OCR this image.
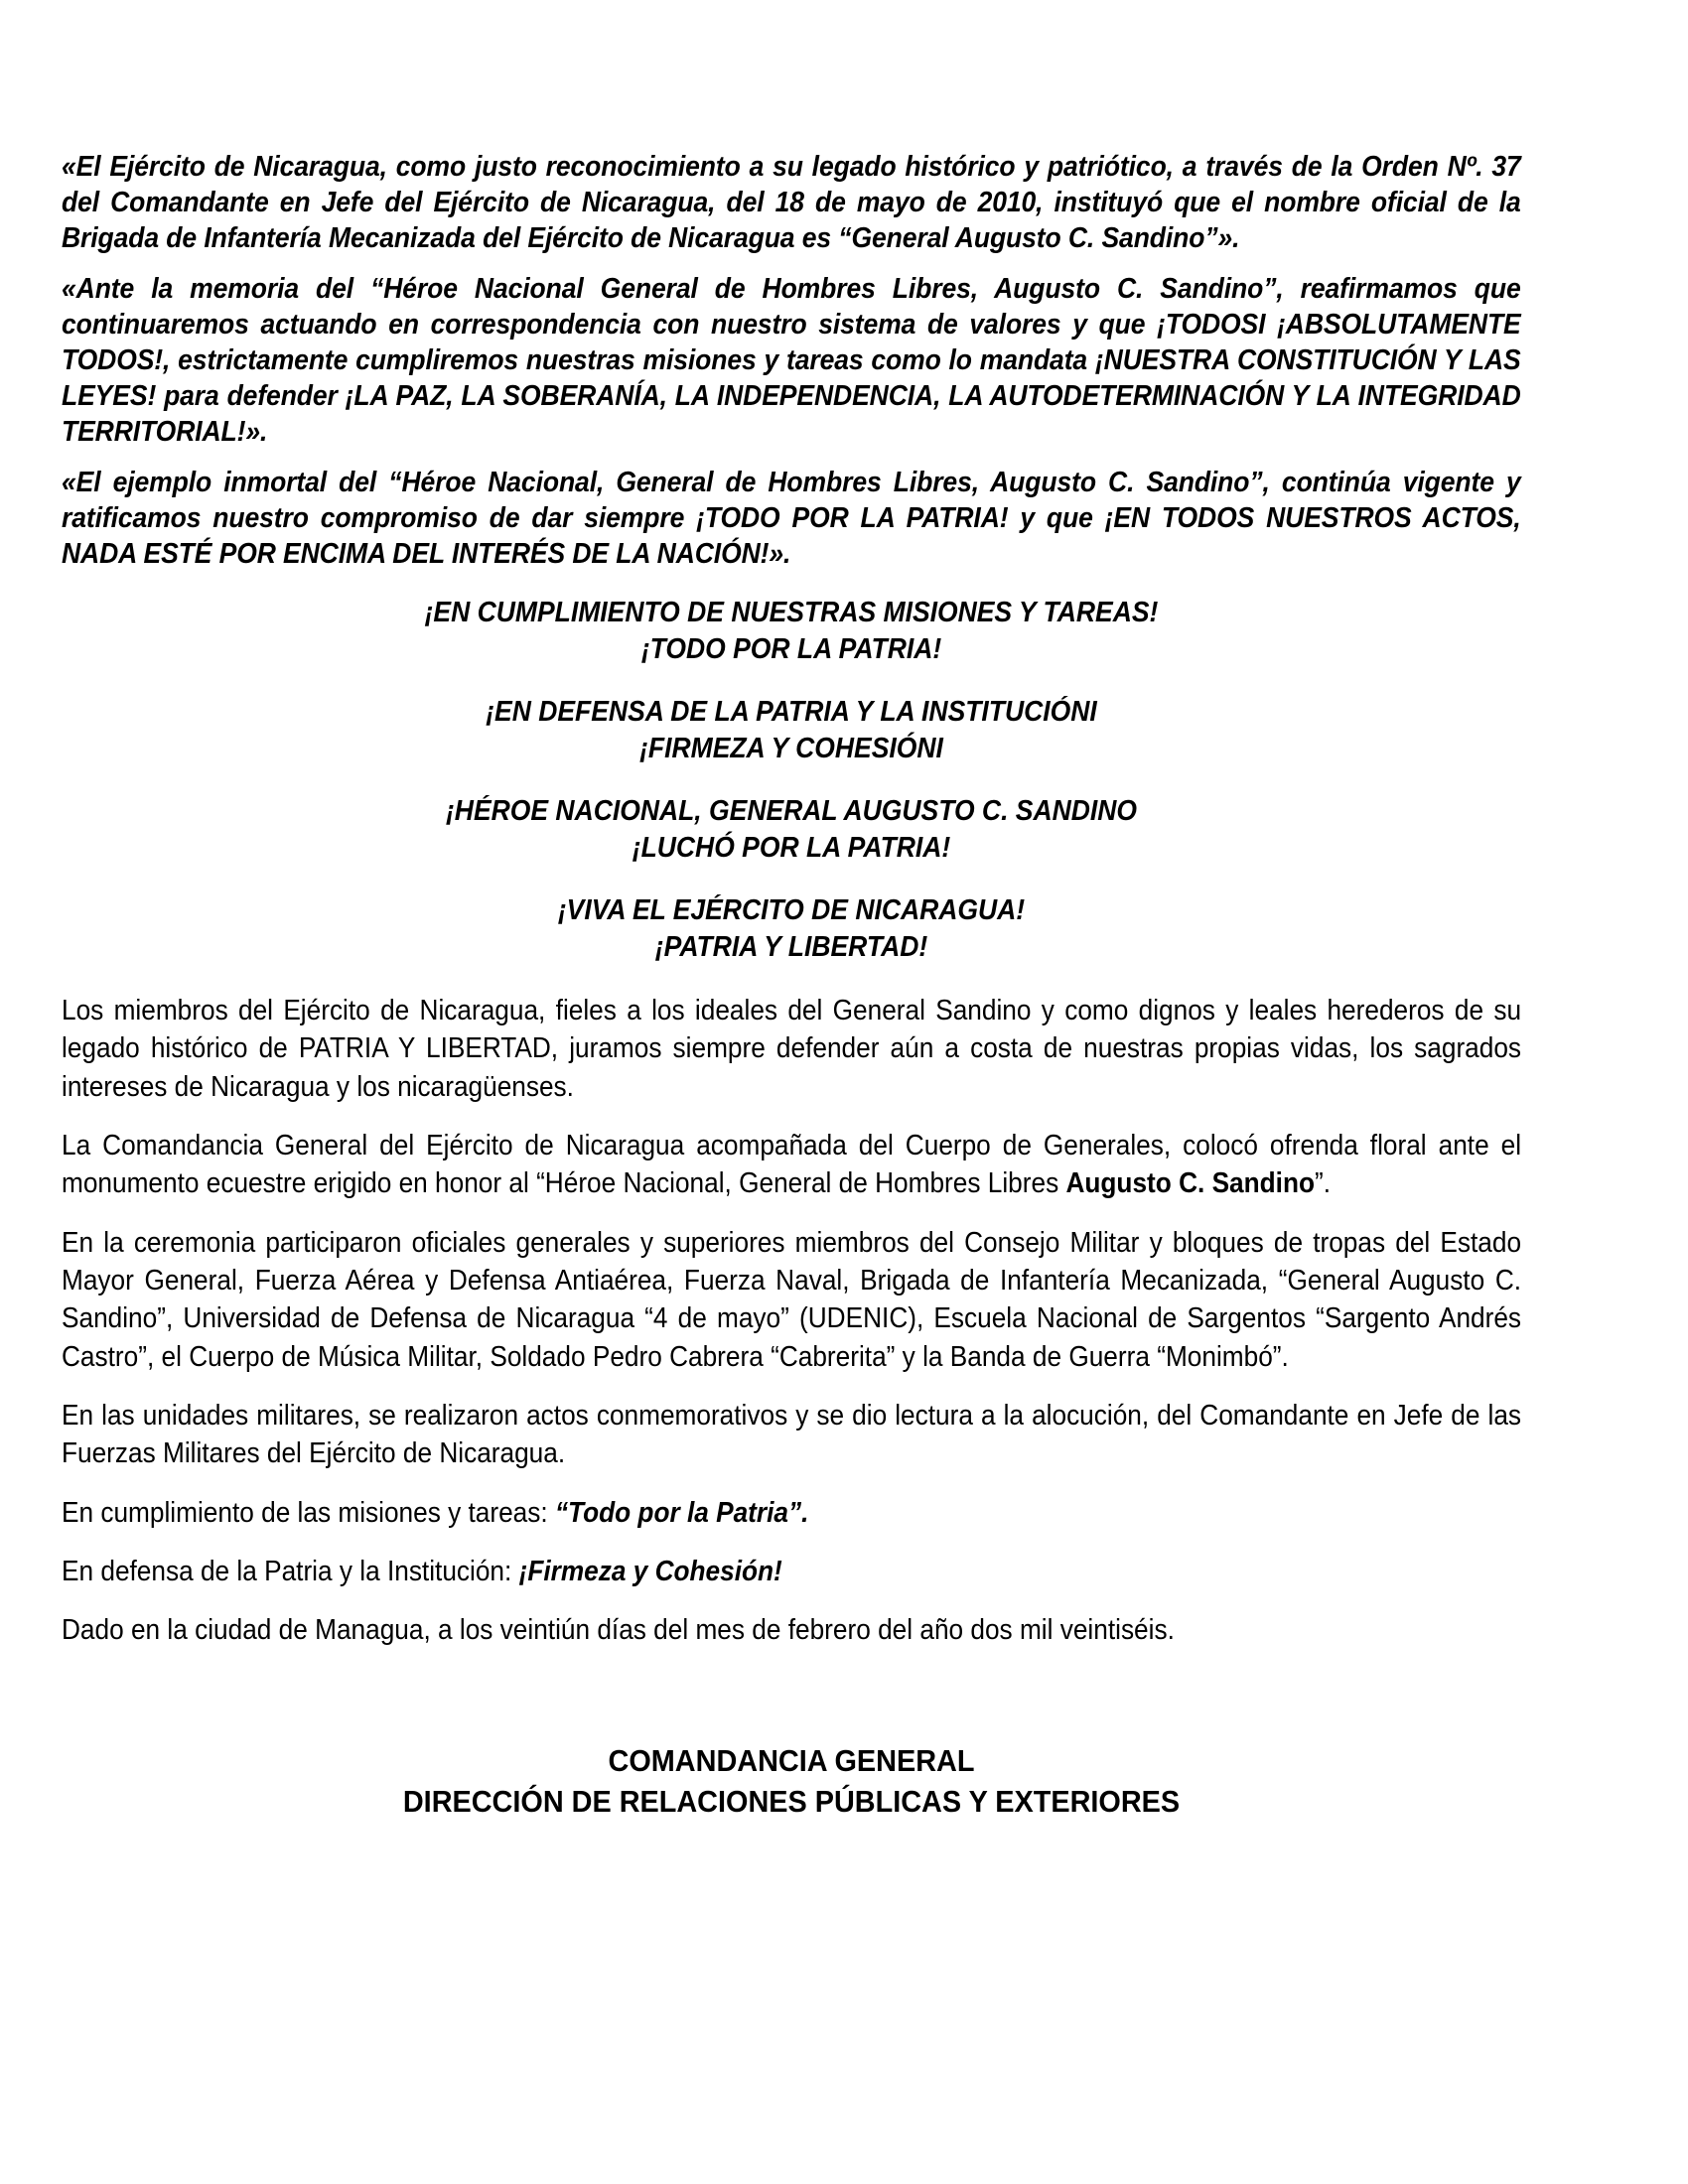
«El Ejército de Nicaragua, como justo reconocimiento a su legado histórico y patriótico, a través de la Orden Nº. 37 del Comandante en Jefe del Ejército de Nicaragua, del 18 de mayo de 2010, instituyó que el nombre oficial de la Brigada de Infantería Mecanizada del Ejército de Nicaragua es “General Augusto C. Sandino”».

«Ante la memoria del “Héroe Nacional General de Hombres Libres, Augusto C. Sandino”, reafirmamos que continuaremos actuando en correspondencia con nuestro sistema de valores y que ¡TODOSI ¡ABSOLUTAMENTE TODOS!, estrictamente cumpliremos nuestras misiones y tareas como lo mandata ¡NUESTRA CONSTITUCIÓN Y LAS LEYES! para defender ¡LA PAZ, LA SOBERANÍA, LA INDEPENDENCIA, LA AUTODETERMINACIÓN Y LA INTEGRIDAD TERRITORIAL!».

«El ejemplo inmortal del “Héroe Nacional, General de Hombres Libres, Augusto C. Sandino”, continúa vigente y ratificamos nuestro compromiso de dar siempre ¡TODO POR LA PATRIA! y que ¡EN TODOS NUESTROS ACTOS, NADA ESTÉ POR ENCIMA DEL INTERÉS DE LA NACIÓN!».

¡EN CUMPLIMIENTO DE NUESTRAS MISIONES Y TAREAS!
¡TODO POR LA PATRIA!
¡EN DEFENSA DE LA PATRIA Y LA INSTITUCIÓNI
¡FIRMEZA Y COHESIÓNI
¡HÉROE NACIONAL, GENERAL AUGUSTO C. SANDINO
¡LUCHÓ POR LA PATRIA!
¡VIVA EL EJÉRCITO DE NICARAGUA!
¡PATRIA Y LIBERTAD!

Los miembros del Ejército de Nicaragua, fieles a los ideales del General Sandino y como dignos y leales herederos de su legado histórico de PATRIA Y LIBERTAD, juramos siempre defender aún a costa de nuestras propias vidas, los sagrados intereses de Nicaragua y los nicaragüenses.

La Comandancia General del Ejército de Nicaragua acompañada del Cuerpo de Generales, colocó ofrenda floral ante el monumento ecuestre erigido en honor al “Héroe Nacional, General de Hombres Libres Augusto C. Sandino”.

En la ceremonia participaron oficiales generales y superiores miembros del Consejo Militar y bloques de tropas del Estado Mayor General, Fuerza Aérea y Defensa Antiaérea, Fuerza Naval, Brigada de Infantería Mecanizada, “General Augusto C. Sandino”, Universidad de Defensa de Nicaragua “4 de mayo” (UDENIC), Escuela Nacional de Sargentos “Sargento Andrés Castro”, el Cuerpo de Música Militar, Soldado Pedro Cabrera “Cabrerita” y la Banda de Guerra “Monimbó”.

En las unidades militares, se realizaron actos conmemorativos y se dio lectura a la alocución, del Comandante en Jefe de las Fuerzas Militares del Ejército de Nicaragua.

En cumplimiento de las misiones y tareas: “Todo por la Patria”.

En defensa de la Patria y la Institución: ¡Firmeza y Cohesión!

Dado en la ciudad de Managua, a los veintiún días del mes de febrero del año dos mil veintiséis.

COMANDANCIA GENERAL
DIRECCIÓN DE RELACIONES PÚBLICAS Y EXTERIORES
